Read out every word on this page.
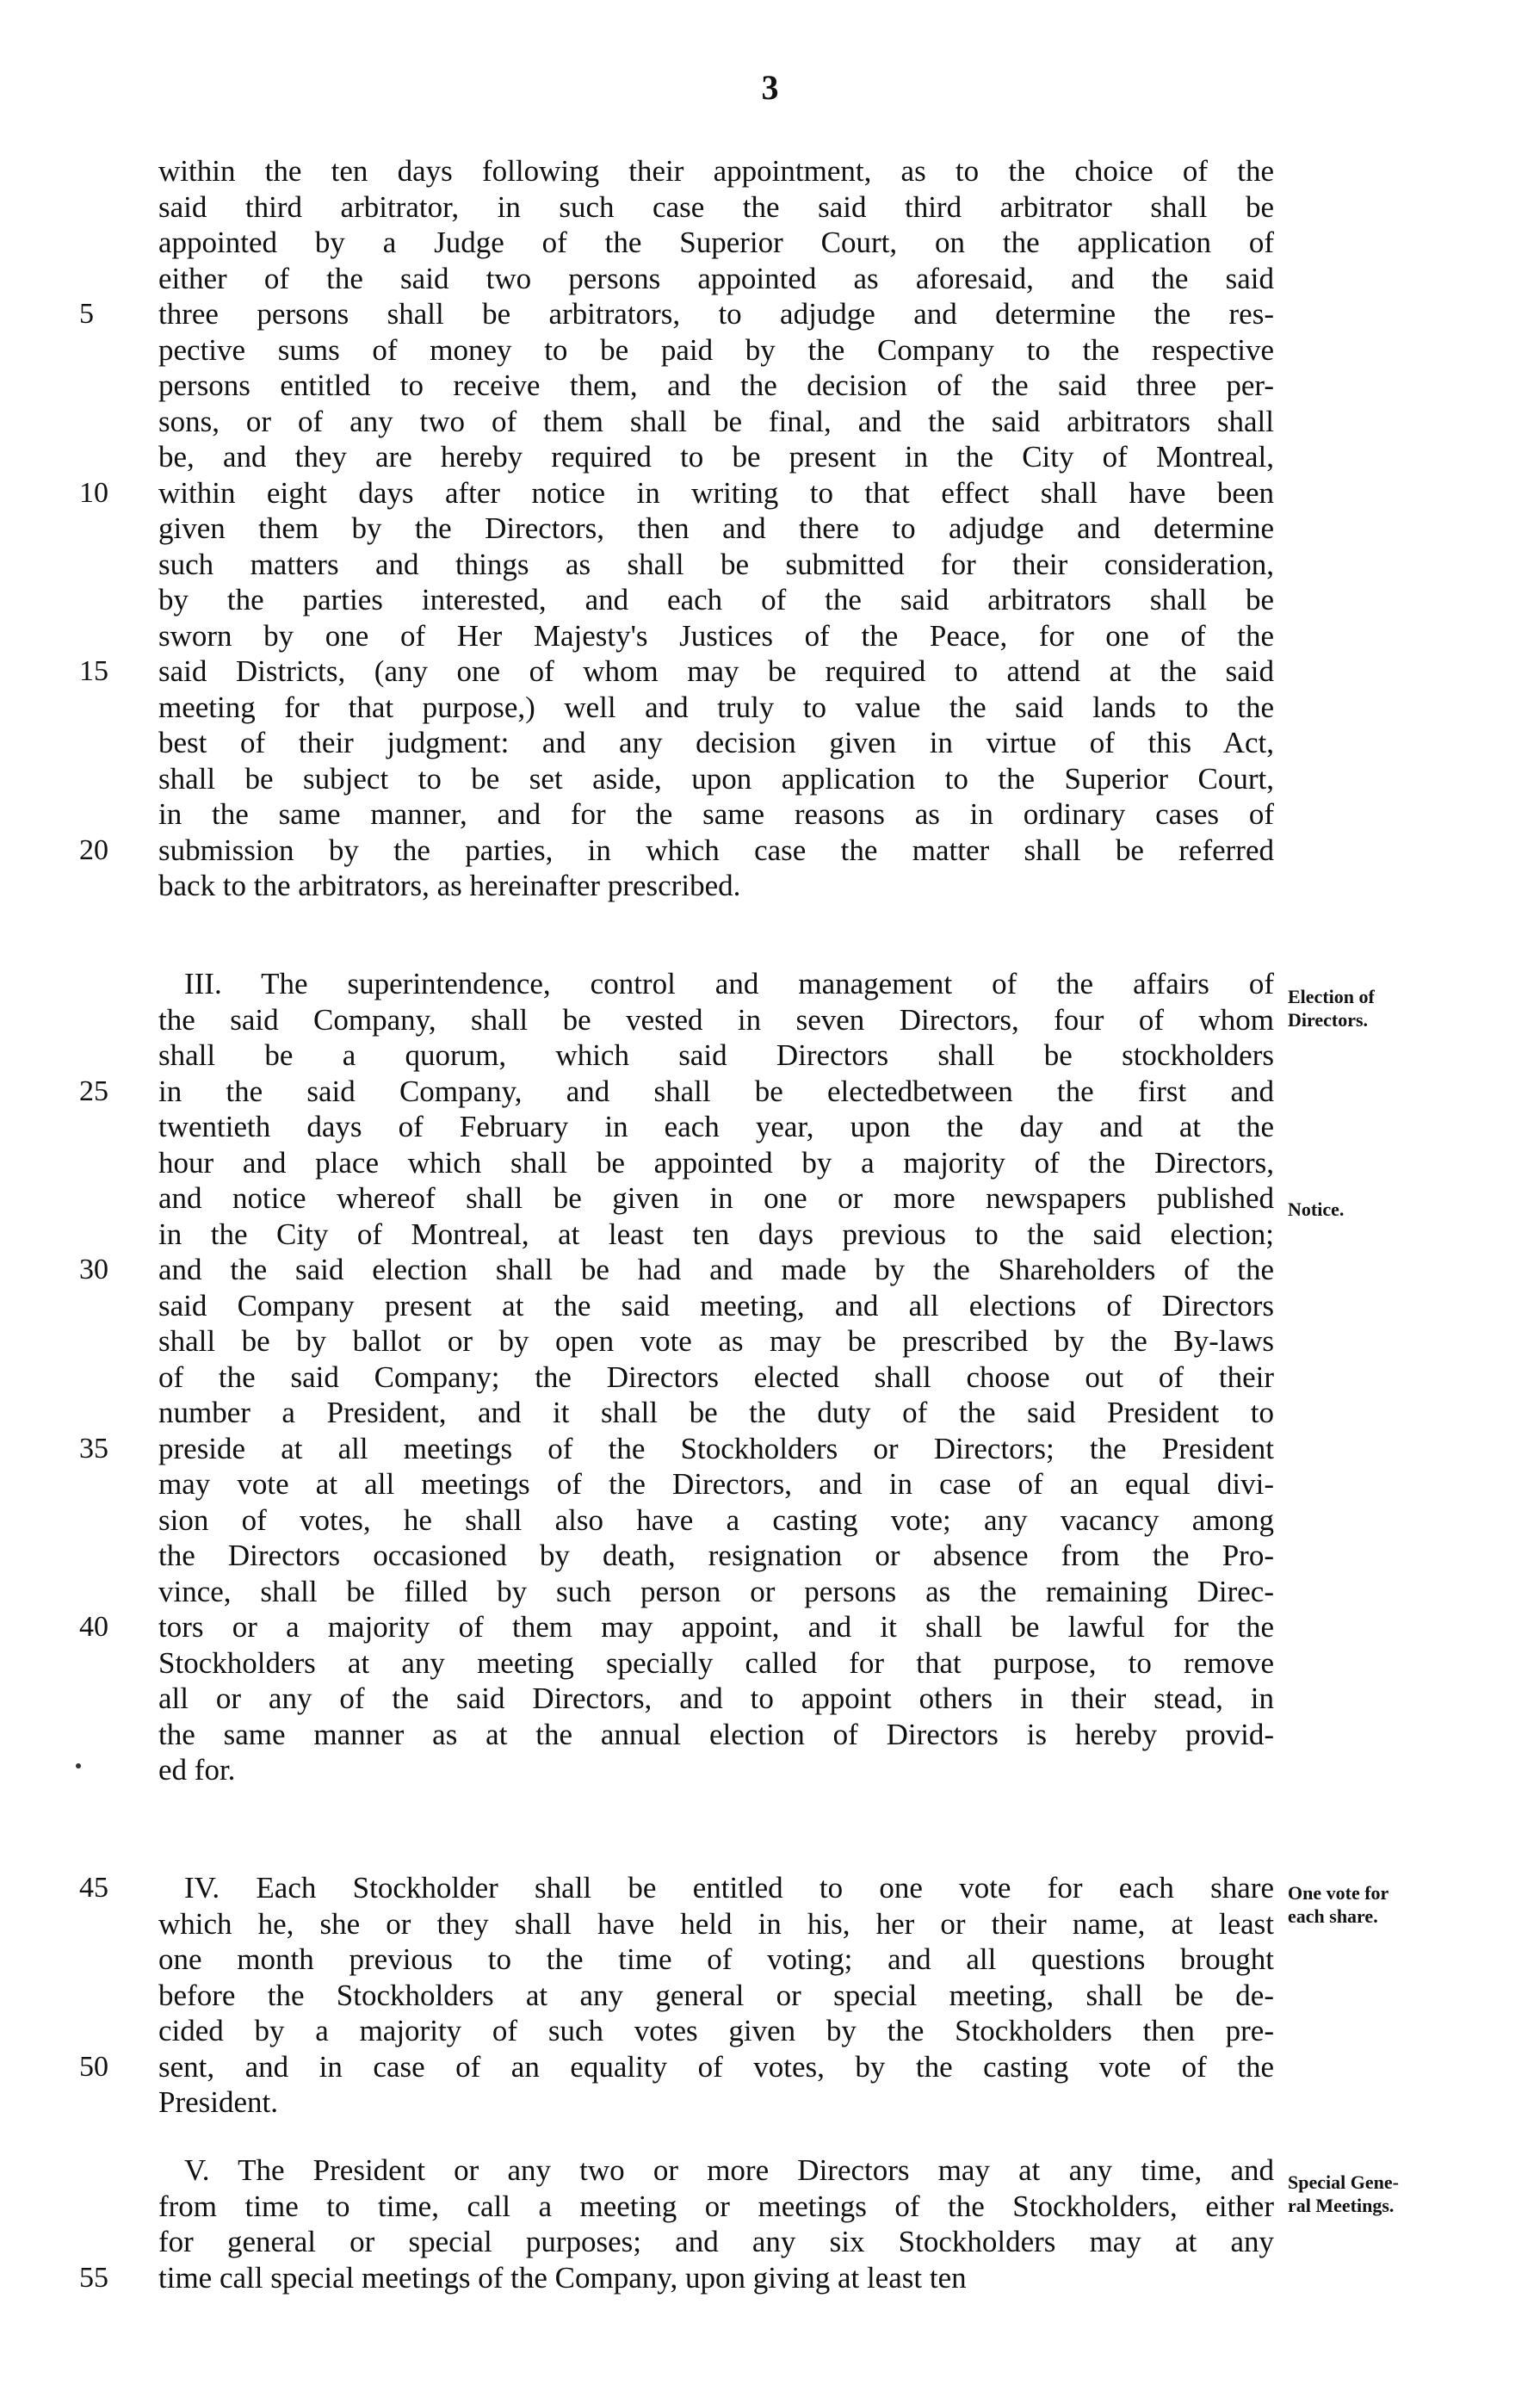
3
within the ten days following their appointment, as to the choice of the
said third arbitrator, in such case the said third arbitrator shall be
appointed by a Judge of the Superior Court, on the application of
either of the said two persons appointed as aforesaid, and the said
5	three persons shall be arbitrators, to adjudge and determine the res-
pective sums of money to be paid by the Company to the respective
persons entitled to receive them, and the decision of the said three per-
sons, or of any two of them shall be final, and the said arbitrators shall
be, and they are hereby required to be present in the City of Montreal,
10	within eight days after notice in writing to that effect shall have been
given them by the Directors, then and there to adjudge and determine
such matters and things as shall be submitted for their consideration,
by the parties interested, and each of the said arbitrators shall be
sworn by one of Her Majesty's Justices of the Peace, for one of the
15	said Districts, (any one of whom may be required to attend at the said
meeting for that purpose,) well and truly to value the said lands to the
best of their judgment: and any decision given in virtue of this Act,
shall be subject to be set aside, upon application to the Superior Court,
in the same manner, and for the same reasons as in ordinary cases of
20	submission by the parties, in which case the matter shall be referred
back to the arbitrators, as hereinafter prescribed.
III. The superintendence, control and management of the affairs of
the said Company, shall be vested in seven Directors, four of whom
shall be a quorum, which said Directors shall be stockholders
25	in the said Company, and shall be electedbetween the first and
twentieth days of February in each year, upon the day and at the
hour and place which shall be appointed by a majority of the Directors,
and notice whereof shall be given in one or more newspapers published
in the City of Montreal, at least ten days previous to the said election;
30	and the said election shall be had and made by the Shareholders of the
said Company present at the said meeting, and all elections of Directors
shall be by ballot or by open vote as may be prescribed by the By-laws
of the said Company; the Directors elected shall choose out of their
number a President, and it shall be the duty of the said President to
35	preside at all meetings of the Stockholders or Directors; the President
may vote at all meetings of the Directors, and in case of an equal divi-
sion of votes, he shall also have a casting vote; any vacancy among
the Directors occasioned by death, resignation or absence from the Pro-
vince, shall be filled by such person or persons as the remaining Direc-
40	tors or a majority of them may appoint, and it shall be lawful for the
Stockholders at any meeting specially called for that purpose, to remove
all or any of the said Directors, and to appoint others in their stead, in
the same manner as at the annual election of Directors is hereby provid-
ed for.
45	IV. Each Stockholder shall be entitled to one vote for each share
which he, she or they shall have held in his, her or their name, at least
one month previous to the time of voting; and all questions brought
before the Stockholders at any general or special meeting, shall be de-
cided by a majority of such votes given by the Stockholders then pre-
50	sent, and in case of an equality of votes, by the casting vote of the
President.
V. The President or any two or more Directors may at any time, and
from time to time, call a meeting or meetings of the Stockholders, either
for general or special purposes; and any six Stockholders may at any
55	time call special meetings of the Company, upon giving at least ten
Election of
Directors.
Notice.
One vote for
each share.
Special Gene-
ral Meetings.
